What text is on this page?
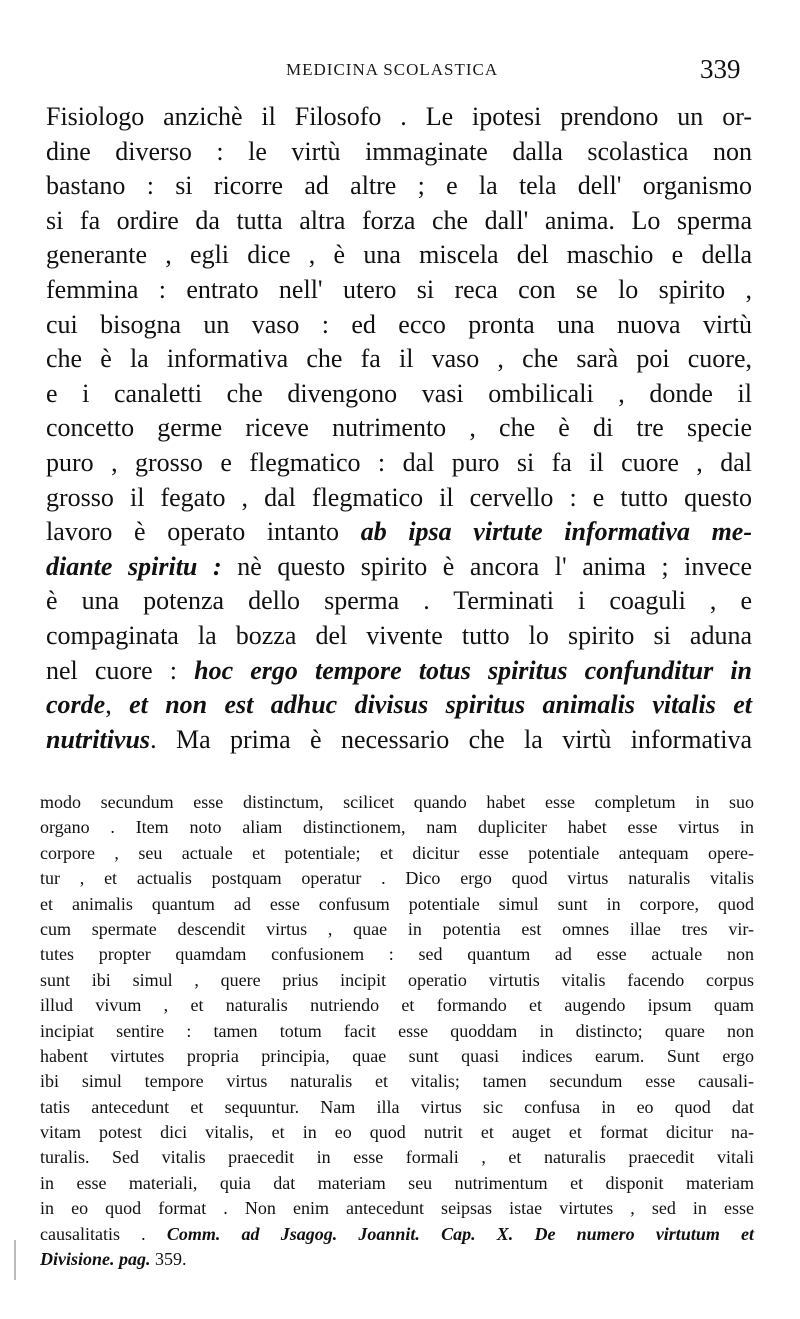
MEDICINA SCOLASTICA	339
Fisiologo anzichè il Filosofo . Le ipotesi prendono un or-
dine diverso : le virtù immaginate dalla scolastica non
bastano : si ricorre ad altre ; e la tela dell' organismo
si fa ordire da tutta altra forza che dall' anima. Lo sperma
generante , egli dice , è una miscela del maschio e della
femmina : entrato nell' utero si reca con se lo spirito ,
cui bisogna un vaso : ed ecco pronta una nuova virtù
che è la informativa che fa il vaso , che sarà poi cuore,
e i canaletti che divengono vasi ombilicali , donde il
concetto germe riceve nutrimento , che è di tre specie
puro , grosso e flegmatico : dal puro si fa il cuore , dal
grosso il fegato , dal flegmatico il cervello : e tutto questo
lavoro è operato intanto ab ipsa virtute informativa me-
diante spiritu : nè questo spirito è ancora l' anima ; invece
è una potenza dello sperma . Terminati i coaguli , e
compaginata la bozza del vivente tutto lo spirito si aduna
nel cuore : hoc ergo tempore totus spiritus confunditur in
corde, et non est adhuc divisus spiritus animalis vitalis et
nutritivus. Ma prima è necessario che la virtù informativa
modo secundum esse distinctum, scilicet quando habet esse completum in suo
organo . Item noto aliam distinctionem, nam dupliciter habet esse virtus in
corpore , seu actuale et potentiale; et dicitur esse potentiale antequam opere-
tur , et actualis postquam operatur . Dico ergo quod virtus naturalis vitalis
et animalis quantum ad esse confusum potentiale simul sunt in corpore, quod
cum spermate descendit virtus , quae in potentia est omnes illae tres vir-
tutes propter quamdam confusionem : sed quantum ad esse actuale non
sunt ibi simul , quere prius incipit operatio virtutis vitalis facendo corpus
illud vivum , et naturalis nutriendo et formando et augendo ipsum quam
incipiat sentire : tamen totum facit esse quoddam in distincto; quare non
habent virtutes propria principia, quae sunt quasi indices earum. Sunt ergo
ibi simul tempore virtus naturalis et vitalis; tamen secundum esse causali-
tatis antecedunt et sequuntur. Nam illa virtus sic confusa in eo quod dat
vitam potest dici vitalis, et in eo quod nutrit et auget et format dicitur na-
turalis. Sed vitalis praecedit in esse formali , et naturalis praecedit vitali
in esse materiali, quia dat materiam seu nutrimentum et disponit materiam
in eo quod format . Non enim antecedunt seipsas istae virtutes , sed in esse
causalitatis . Comm. ad Jsagog. Joannit. Cap. X. De numero virtutum et
Divisione. pag. 359.
